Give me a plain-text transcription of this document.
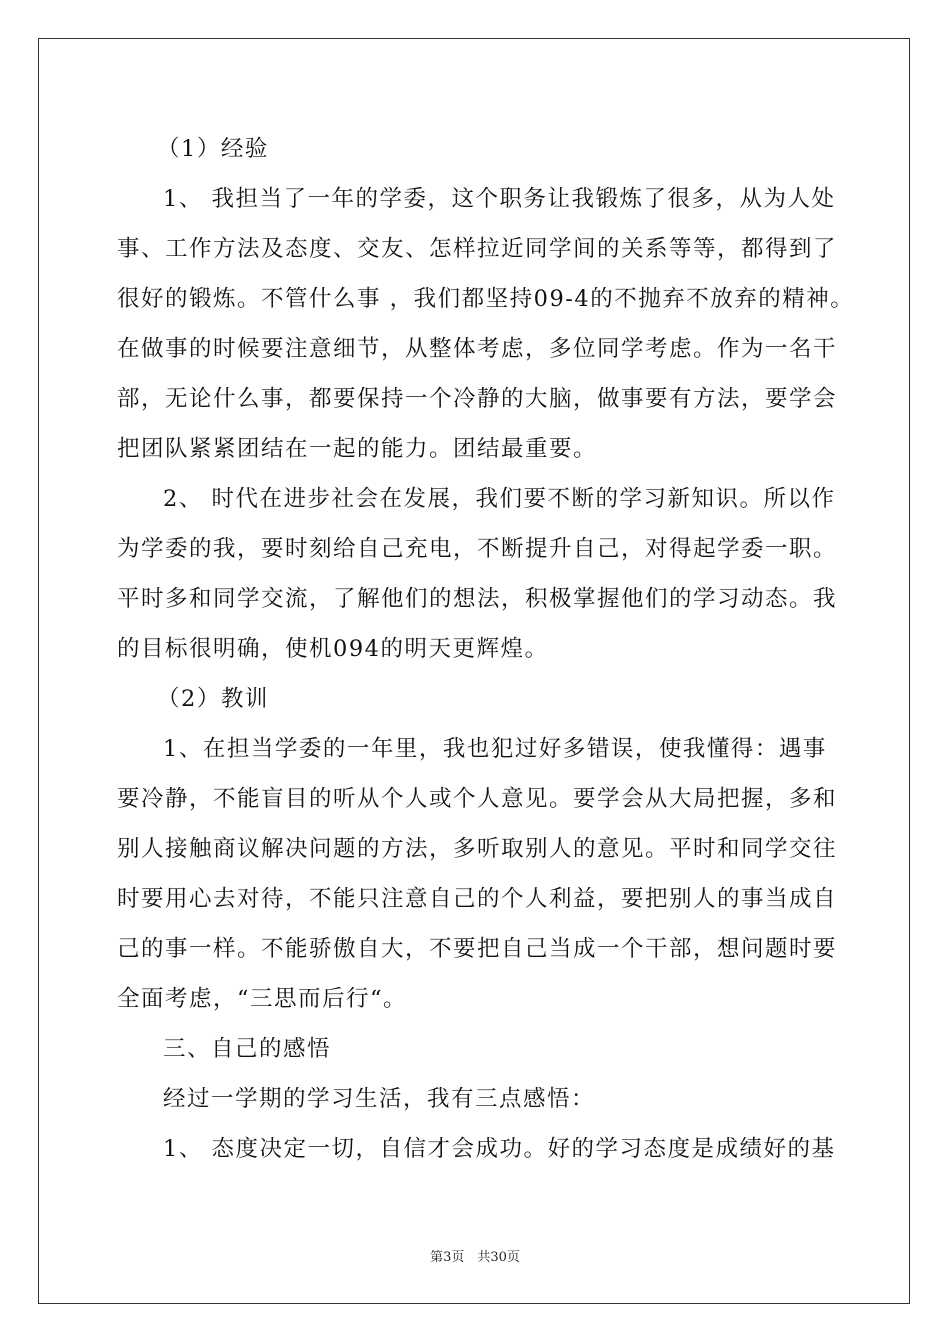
（1）经验
1、 我担当了一年的学委，这个职务让我锻炼了很多，从为人处
事、工作方法及态度、交友、怎样拉近同学间的关系等等，都得到了
很好的锻炼。不管什么事 ，我们都坚持09-4的不抛弃不放弃的精神。
在做事的时候要注意细节，从整体考虑，多位同学考虑。作为一名干
部，无论什么事，都要保持一个冷静的大脑，做事要有方法，要学会
把团队紧紧团结在一起的能力。团结最重要。
2、 时代在进步社会在发展，我们要不断的学习新知识。所以作
为学委的我，要时刻给自己充电，不断提升自己，对得起学委一职。
平时多和同学交流，了解他们的想法，积极掌握他们的学习动态。我
的目标很明确，使机094的明天更辉煌。
（2）教训
1、在担当学委的一年里，我也犯过好多错误，使我懂得：遇事
要冷静，不能盲目的听从个人或个人意见。要学会从大局把握，多和
别人接触商议解决问题的方法，多听取别人的意见。平时和同学交往
时要用心去对待，不能只注意自己的个人利益，要把别人的事当成自
己的事一样。不能骄傲自大，不要把自己当成一个干部，想问题时要
全面考虑，“三思而后行“。
三、自己的感悟
经过一学期的学习生活，我有三点感悟：
1、 态度决定一切，自信才会成功。好的学习态度是成绩好的基
第3页　共30页
